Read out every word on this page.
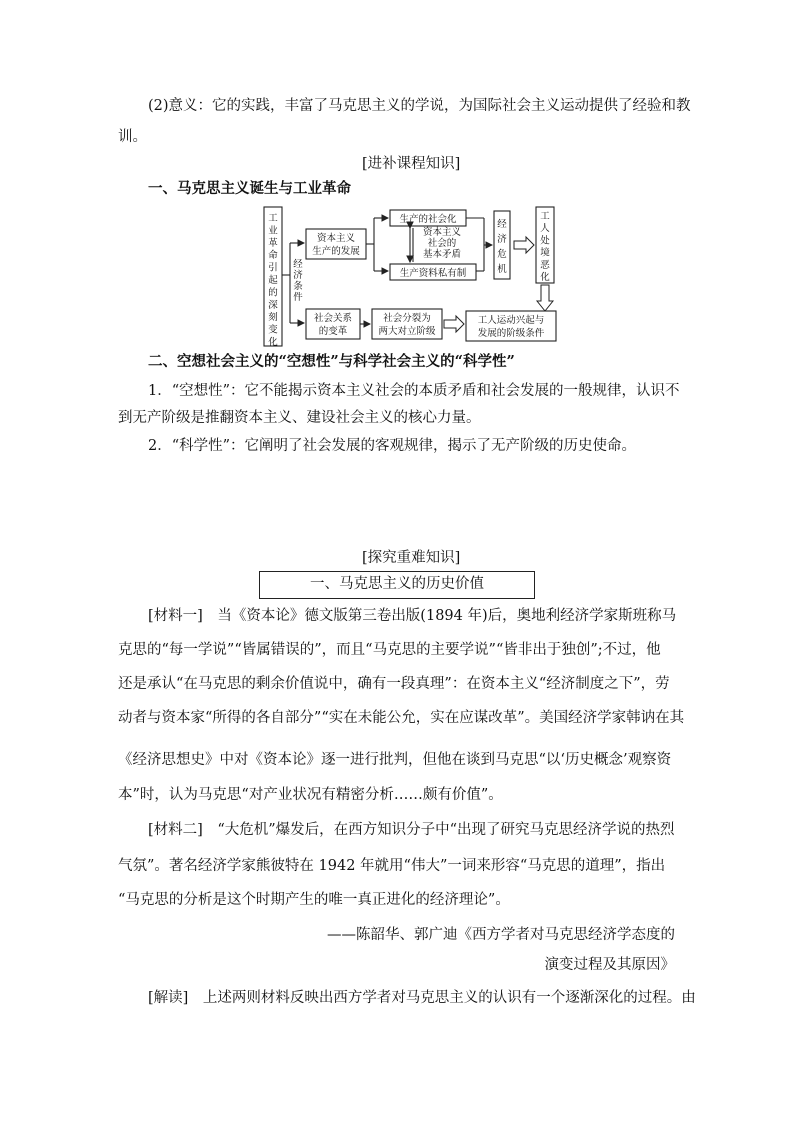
(2)意义：它的实践，丰富了马克思主义的学说，为国际社会主义运动提供了经验和教
训。
[进补课程知识]
一、马克思主义诞生与工业革命
工
业
革
命
引
起
的
深
刻
变
化
经
济
条
件
资本主义
生产的发展
生产的社会化
资本主义
社会的
基本矛盾
生产资料私有制
经
济
危
机
工
人
处
境
恶
化
社会关系
的变革
社会分裂为
两大对立阶级
工人运动兴起与
发展的阶级条件
二、空想社会主义的“空想性”与科学社会主义的“科学性”
1．“空想性”：它不能揭示资本主义社会的本质矛盾和社会发展的一般规律，认识不
到无产阶级是推翻资本主义、建设社会主义的核心力量。
2．“科学性”：它阐明了社会发展的客观规律，揭示了无产阶级的历史使命。
[探究重难知识]
一、马克思主义的历史价值
[材料一]　当《资本论》德文版第三卷出版(1894 年)后，奥地利经济学家斯班称马
克思的“每一学说”“皆属错误的”，而且“马克思的主要学说”“皆非出于独创”;不过，他
还是承认“在马克思的剩余价值说中，确有一段真理”：在资本主义“经济制度之下”，劳
动者与资本家“所得的各自部分”“实在未能公允，实在应谋改革”。美国经济学家韩讷在其
《经济思想史》中对《资本论》逐一进行批判，但他在谈到马克思“以‘历史概念’观察资
本”时，认为马克思“对产业状况有精密分析……颇有价值”。
[材料二]　“大危机”爆发后，在西方知识分子中“出现了研究马克思经济学说的热烈
气氛”。著名经济学家熊彼特在 1942 年就用“伟大”一词来形容“马克思的道理”，指出
“马克思的分析是这个时期产生的唯一真正进化的经济理论”。
——陈韶华、郭广迪《西方学者对马克思经济学态度的
演变过程及其原因》
[解读]　上述两则材料反映出西方学者对马克思主义的认识有一个逐渐深化的过程。由
